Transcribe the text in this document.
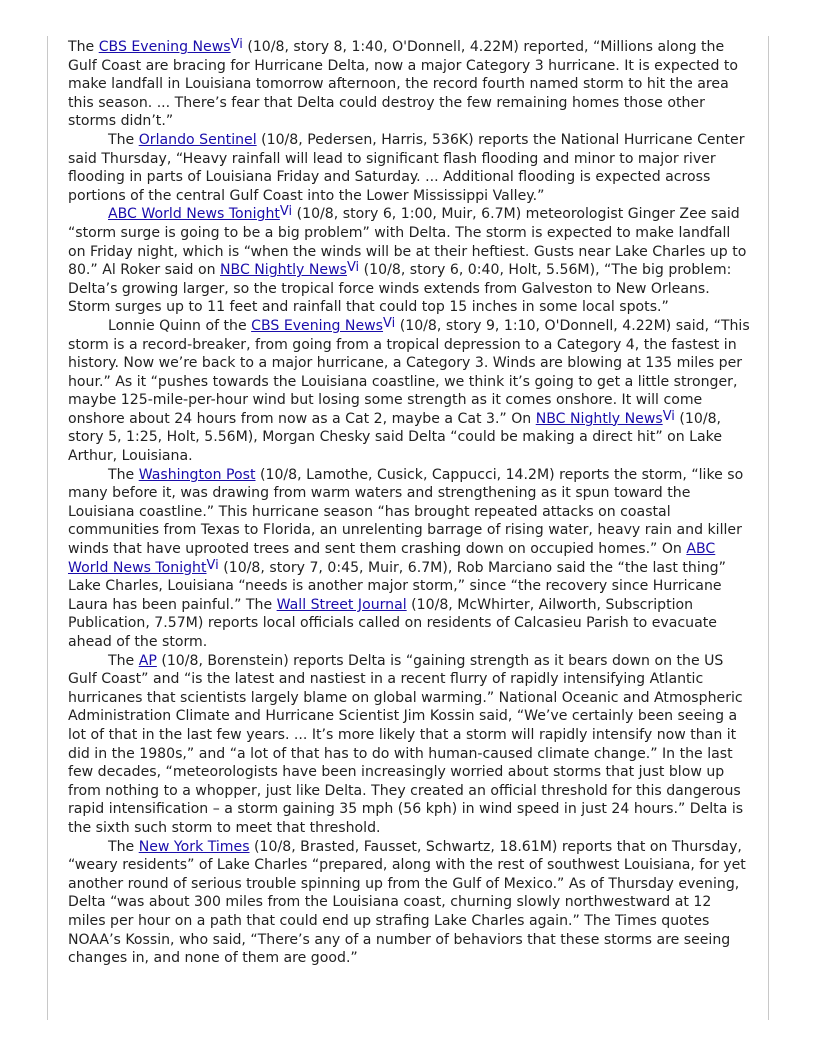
The CBS Evening News$^{Vi}$ (10/8, story 8, 1:40, O'Donnell, 4.22M) reported, “Millions along the Gulf Coast are bracing for Hurricane Delta, now a major Category 3 hurricane. It is expected to make landfall in Louisiana tomorrow afternoon, the record fourth named storm to hit the area this season. ... There’s fear that Delta could destroy the few remaining homes those other storms didn’t.”

The Orlando Sentinel (10/8, Pedersen, Harris, 536K) reports the National Hurricane Center said Thursday, “Heavy rainfall will lead to significant flash flooding and minor to major river flooding in parts of Louisiana Friday and Saturday. ... Additional flooding is expected across portions of the central Gulf Coast into the Lower Mississippi Valley.”

ABC World News Tonight$^{Vi}$ (10/8, story 6, 1:00, Muir, 6.7M) meteorologist Ginger Zee said “storm surge is going to be a big problem” with Delta. The storm is expected to make landfall on Friday night, which is “when the winds will be at their heftiest. Gusts near Lake Charles up to 80.” Al Roker said on NBC Nightly News$^{Vi}$ (10/8, story 6, 0:40, Holt, 5.56M), “The big problem: Delta’s growing larger, so the tropical force winds extends from Galveston to New Orleans. Storm surges up to 11 feet and rainfall that could top 15 inches in some local spots.”

Lonnie Quinn of the CBS Evening News$^{Vi}$ (10/8, story 9, 1:10, O'Donnell, 4.22M) said, “This storm is a record-breaker, from going from a tropical depression to a Category 4, the fastest in history. Now we’re back to a major hurricane, a Category 3. Winds are blowing at 135 miles per hour.” As it “pushes towards the Louisiana coastline, we think it’s going to get a little stronger, maybe 125-mile-per-hour wind but losing some strength as it comes onshore. It will come onshore about 24 hours from now as a Cat 2, maybe a Cat 3.” On NBC Nightly News$^{Vi}$ (10/8, story 5, 1:25, Holt, 5.56M), Morgan Chesky said Delta “could be making a direct hit” on Lake Arthur, Louisiana.

The Washington Post (10/8, Lamothe, Cusick, Cappucci, 14.2M) reports the storm, “like so many before it, was drawing from warm waters and strengthening as it spun toward the Louisiana coastline.” This hurricane season “has brought repeated attacks on coastal communities from Texas to Florida, an unrelenting barrage of rising water, heavy rain and killer winds that have uprooted trees and sent them crashing down on occupied homes.” On ABC World News Tonight$^{Vi}$ (10/8, story 7, 0:45, Muir, 6.7M), Rob Marciano said the “the last thing” Lake Charles, Louisiana “needs is another major storm,” since “the recovery since Hurricane Laura has been painful.” The Wall Street Journal (10/8, McWhirter, Ailworth, Subscription Publication, 7.57M) reports local officials called on residents of Calcasieu Parish to evacuate ahead of the storm.

The AP (10/8, Borenstein) reports Delta is “gaining strength as it bears down on the US Gulf Coast” and “is the latest and nastiest in a recent flurry of rapidly intensifying Atlantic hurricanes that scientists largely blame on global warming.” National Oceanic and Atmospheric Administration Climate and Hurricane Scientist Jim Kossin said, “We’ve certainly been seeing a lot of that in the last few years. ... It’s more likely that a storm will rapidly intensify now than it did in the 1980s,” and “a lot of that has to do with human-caused climate change.” In the last few decades, “meteorologists have been increasingly worried about storms that just blow up from nothing to a whopper, just like Delta. They created an official threshold for this dangerous rapid intensification – a storm gaining 35 mph (56 kph) in wind speed in just 24 hours.” Delta is the sixth such storm to meet that threshold.

The New York Times (10/8, Brasted, Fausset, Schwartz, 18.61M) reports that on Thursday, “weary residents” of Lake Charles “prepared, along with the rest of southwest Louisiana, for yet another round of serious trouble spinning up from the Gulf of Mexico.” As of Thursday evening, Delta “was about 300 miles from the Louisiana coast, churning slowly northwestward at 12 miles per hour on a path that could end up strafing Lake Charles again.” The Times quotes NOAA’s Kossin, who said, “There’s any of a number of behaviors that these storms are seeing changes in, and none of them are good.”
